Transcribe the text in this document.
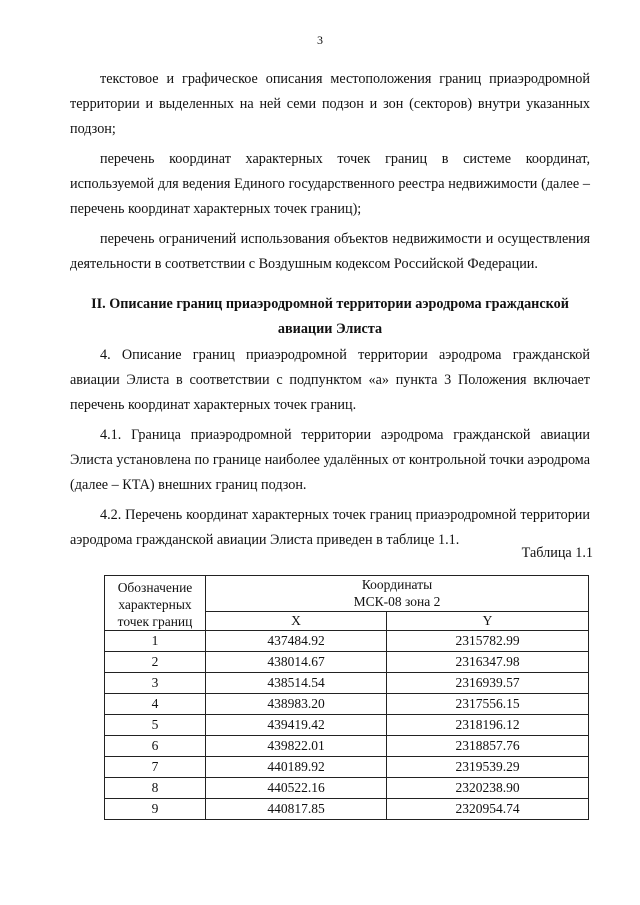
3

текстовое и графическое описания местоположения границ приаэродромной территории и выделенных на ней семи подзон и зон (секторов) внутри указанных подзон;

перечень координат характерных точек границ в системе координат, используемой для ведения Единого государственного реестра недвижимости (далее – перечень координат характерных точек границ);

перечень ограничений использования объектов недвижимости и осуществления деятельности в соответствии с Воздушным кодексом Российской Федерации.

II. Описание границ приаэродромной территории аэродрома гражданской авиации Элиста

4. Описание границ приаэродромной территории аэродрома гражданской авиации Элиста в соответствии с подпунктом «а» пункта 3 Положения включает перечень координат характерных точек границ.

4.1. Граница приаэродромной территории аэродрома гражданской авиации Элиста установлена по границе наиболее удалённых от контрольной точки аэродрома (далее – КТА) внешних границ подзон.

4.2. Перечень координат характерных точек границ приаэродромной территории аэродрома гражданской авиации Элиста приведен в таблице 1.1.

Таблица 1.1
Обозначение характерных точек границ	Координаты
МСК-08 зона 2	

	X	Y
1	437484.92	2315782.99
2	438014.67	2316347.98
3	438514.54	2316939.57
4	438983.20	2317556.15
5	439419.42	2318196.12
6	439822.01	2318857.76
7	440189.92	2319539.29
8	440522.16	2320238.90
9	440817.85	2320954.74
